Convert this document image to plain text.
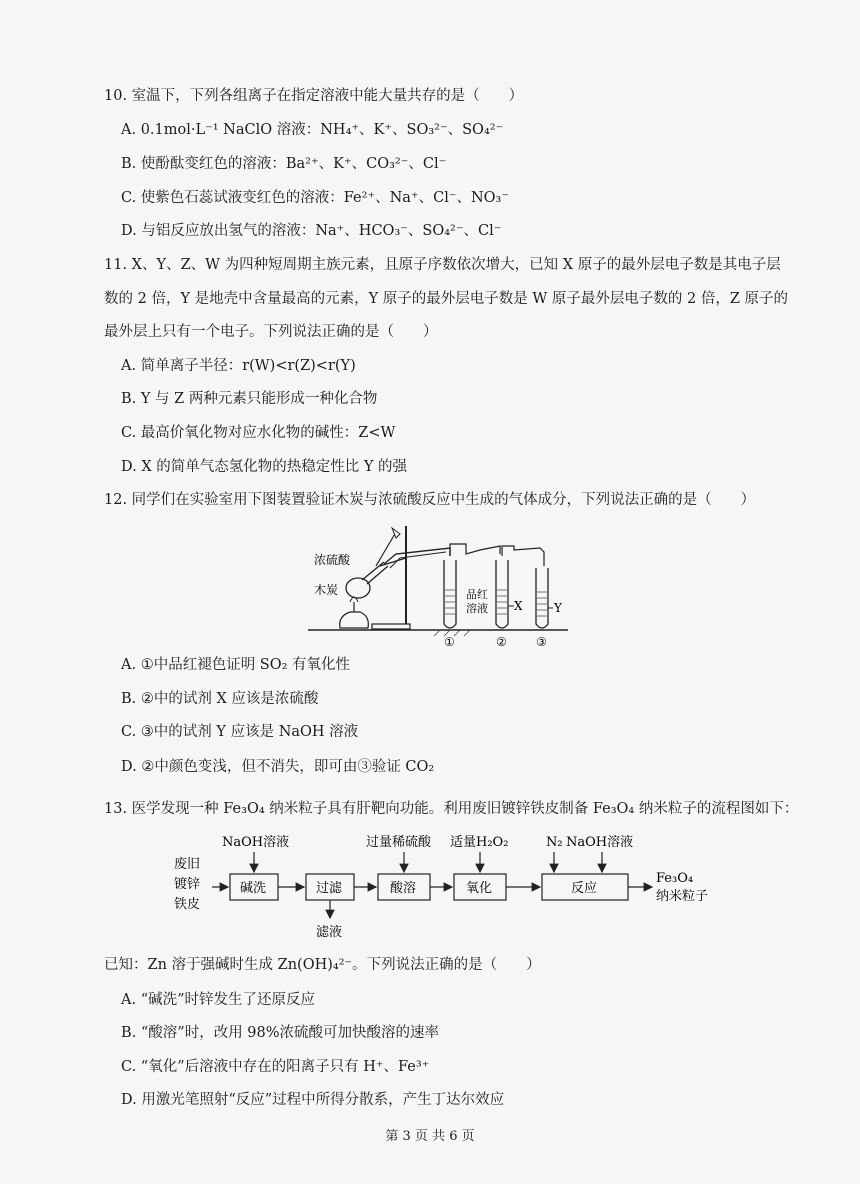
10. 室温下，下列各组离子在指定溶液中能大量共存的是（　　）
A. 0.1mol·L⁻¹ NaClO 溶液：NH₄⁺、K⁺、SO₃²⁻、SO₄²⁻
B. 使酚酞变红色的溶液：Ba²⁺、K⁺、CO₃²⁻、Cl⁻
C. 使紫色石蕊试液变红色的溶液：Fe²⁺、Na⁺、Cl⁻、NO₃⁻
D. 与铝反应放出氢气的溶液：Na⁺、HCO₃⁻、SO₄²⁻、Cl⁻
11. X、Y、Z、W 为四种短周期主族元素，且原子序数依次增大，已知 X 原子的最外层电子数是其电子层
数的 2 倍，Y 是地壳中含量最高的元素，Y 原子的最外层电子数是 W 原子最外层电子数的 2 倍，Z 原子的
最外层上只有一个电子。下列说法正确的是（　　）
A. 简单离子半径：r(W)<r(Z)<r(Y)
B. Y 与 Z 两种元素只能形成一种化合物
C. 最高价氧化物对应水化物的碱性：Z<W
D. X 的简单气态氢化物的热稳定性比 Y 的强
12. 同学们在实验室用下图装置验证木炭与浓硫酸反应中生成的气体成分，下列说法正确的是（　　）
浓硫酸
木炭	品红
溶液 X	Y
①	② ③
A. ①中品红褪色证明 SO₂ 有氧化性
B. ②中的试剂 X 应该是浓硫酸
C. ③中的试剂 Y 应该是 NaOH 溶液
D. ②中颜色变浅，但不消失，即可由③验证 CO₂
13. 医学发现一种 Fe₃O₄ 纳米粒子具有肝靶向功能。利用废旧镀锌铁皮制备 Fe₃O₄ 纳米粒子的流程图如下：
废旧
镀锌
铁皮
碱洗	过滤	酸溶	氧化	反应
NaOH溶液	过量稀硫酸 适量H₂O₂	N₂ NaOH溶液
滤液
Fe₃O₄
纳米粒子
已知：Zn 溶于强碱时生成 Zn(OH)₄²⁻。下列说法正确的是（　　）
A. “碱洗”时锌发生了还原反应
B. “酸溶”时，改用 98%浓硫酸可加快酸溶的速率
C. “氧化”后溶液中存在的阳离子只有 H⁺、Fe³⁺
D. 用激光笔照射“反应”过程中所得分散系，产生丁达尔效应
第 3 页 共 6 页
